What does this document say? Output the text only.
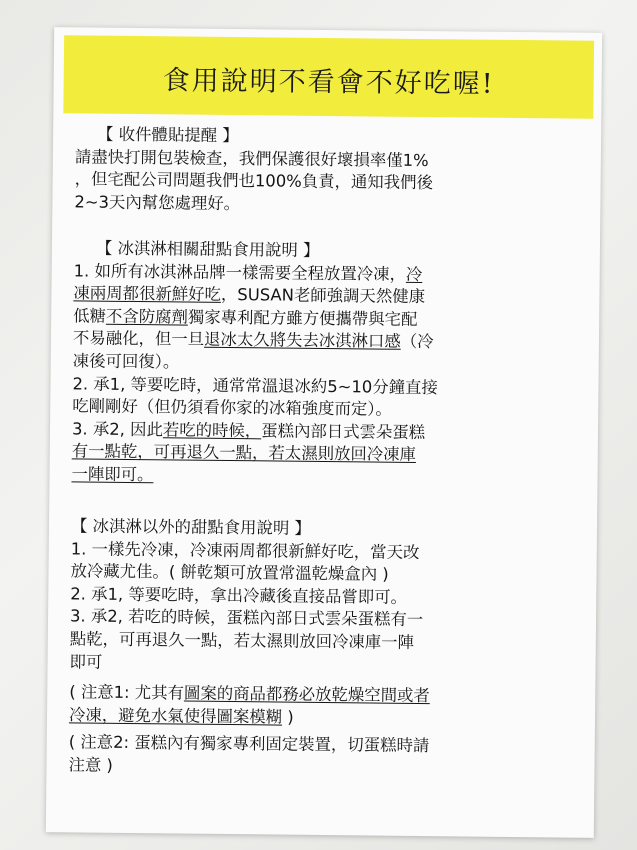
食用說明不看會不好吃喔!
【 收件體貼提醒 】
請盡快打開包裝檢查，我們保護很好壞損率僅1%
，但宅配公司問題我們也100%負責，通知我們後
2~3天內幫您處理好。
【 冰淇淋相關甜點食用說明 】
1. 如所有冰淇淋品牌一樣需要全程放置冷凍，冷
凍兩周都很新鮮好吃，SUSAN老師強調天然健康
低糖不含防腐劑獨家專利配方雖方便攜帶與宅配
不易融化，但一旦退冰太久將失去冰淇淋口感（冷
凍後可回復）。
2. 承1, 等要吃時，通常常溫退冰約5~10分鐘直接
吃剛剛好（但仍須看你家的冰箱強度而定）。
3. 承2, 因此若吃的時候，蛋糕內部日式雲朵蛋糕
有一點乾，可再退久一點，若太濕則放回冷凍庫
一陣即可。
【 冰淇淋以外的甜點食用說明 】
1. 一樣先冷凍，冷凍兩周都很新鮮好吃，當天改
放冷藏尤佳。( 餅乾類可放置常溫乾燥盒內 )
2. 承1, 等要吃時，拿出冷藏後直接品嘗即可。
3. 承2, 若吃的時候，蛋糕內部日式雲朵蛋糕有一
點乾，可再退久一點，若太濕則放回冷凍庫一陣
即可
( 注意1: 尤其有圖案的商品都務必放乾燥空間或者
冷凍，避免水氣使得圖案模糊 )
( 注意2: 蛋糕內有獨家專利固定裝置，切蛋糕時請
注意 )
